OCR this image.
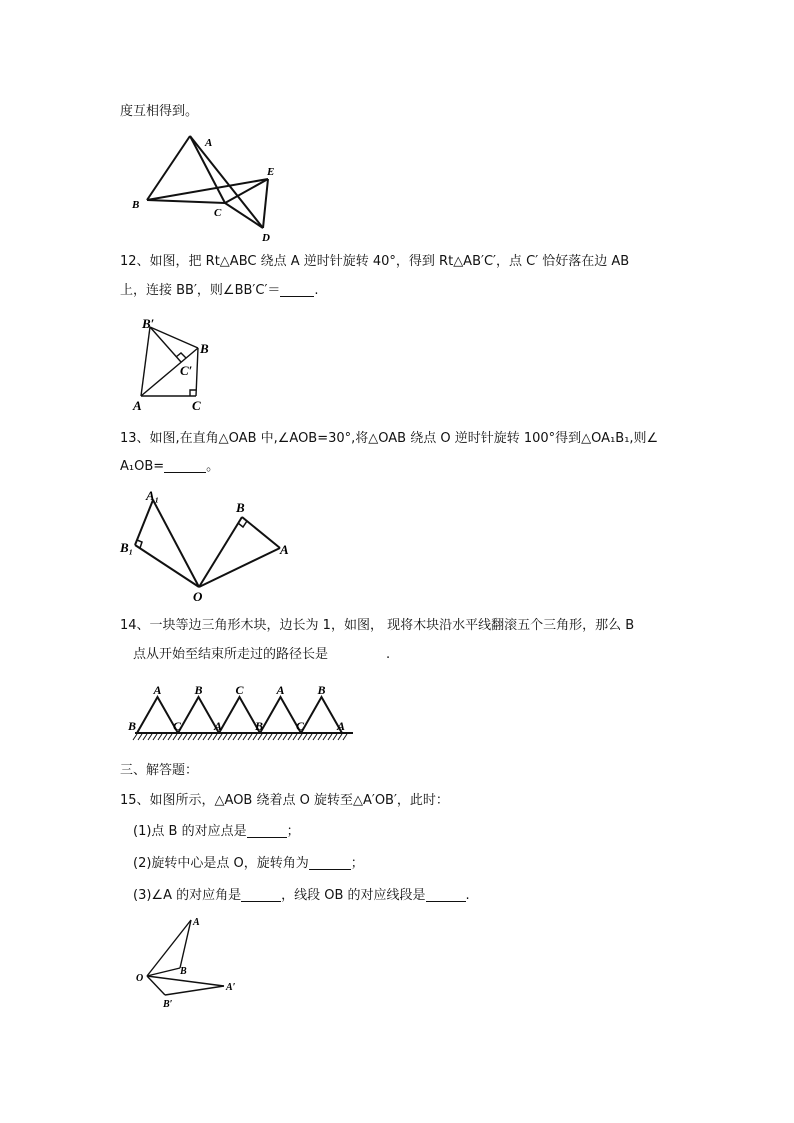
度互相得到。
A
B
C
D
E
12、如图，把 Rt△ABC 绕点 A 逆时针旋转 40°，得到 Rt△AB′C′，点 C′ 恰好落在边 AB
上，连接 BB′，则∠BB′C′＝	.
B′
B
C′
A	C
13、如图,在直角△OAB 中,∠AOB=30°,将△OAB 绕点 O 逆时针旋转 100°得到△OA₁B₁,则∠
A₁OB=	。
A₁
B₁
B
A
O
14、一块等边三角形木块，边长为 1，如图， 现将木块沿水平线翻滚五个三角形，那么 B
点从开始至结束所走过的路径长是	.
A	B	C	A	B
B	C	A	B	C	A
三、解答题：
15、如图所示，△AOB 绕着点 O 旋转至△A′OB′，此时：
(1)点 B 的对应点是	；
(2)旋转中心是点 O，旋转角为	；
(3)∠A 的对应角是	，线段 OB 的对应线段是	.
A
B
O
B′
A′
